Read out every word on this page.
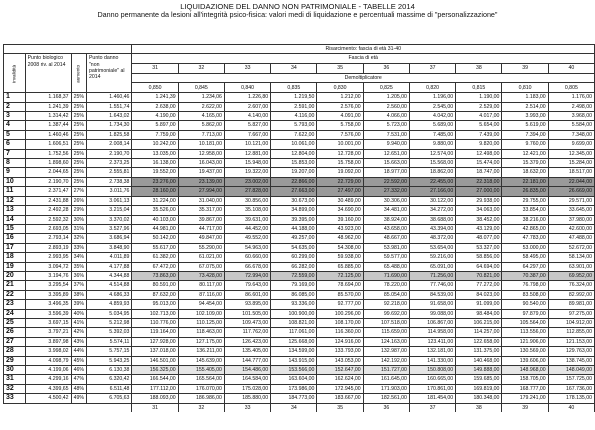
LIQUIDAZIONE DEL DANNO NON PATRIMONIALE - TABELLE 2014
Danno permanente da lesioni all'integrità psico-fisica: valori medi di liquidazione e percentuali massime di "personalizzazione"
				Risarcimento: fascia di età 31-40									
invalidità	Punto biologico 2008 riv. al 2014	aumento	Punto danno "non patrimoniale" al 2014	Fascia di età									
				31	32	33	34	35	36	37	38	39	40
				Demoltiplicatore									
				0,850	0,845	0,840	0,835	0,830	0,825	0,820	0,815	0,810	0,805
1	1.168,37	25%	1.460,46	1.241,39	1.234,06	1.226,80	1.219,50	1.212,00	1.205,00	1.196,00	1.190,00	1.183,00	1.176,00
2	1.241,39	25%	1.551,74	2.638,00	2.622,00	2.607,00	2.591,00	2.576,00	2.560,00	2.545,00	2.529,00	2.514,00	2.498,00
3	1.314,42	25%	1.643,02	4.190,00	4.165,00	4.140,00	4.116,00	4.091,00	4.066,00	4.042,00	4.017,00	3.993,00	3.968,00
4	1.387,44	25%	1.734,30	5.897,00	5.862,00	5.827,00	5.793,00	5.758,00	5.723,00	5.689,00	5.654,00	5.619,00	5.584,00
5	1.460,46	25%	1.825,58	7.759,00	7.713,00	7.667,00	7.622,00	7.576,00	7.531,00	7.485,00	7.439,00	7.394,00	7.348,00
6	1.606,51	25%	2.008,14	10.242,00	10.181,00	10.121,00	10.061,00	10.001,00	9.940,00	9.880,00	9.820,00	9.760,00	9.699,00
7	1.752,56	25%	2.190,70	13.035,00	12.958,00	12.881,00	12.804,00	12.728,00	12.651,00	12.574,00	12.498,00	12.421,00	12.345,00
8	1.898,60	25%	2.373,25	16.138,00	16.043,00	15.948,00	15.853,00	15.758,00	15.663,00	15.568,00	15.474,00	15.379,00	15.284,00
9	2.044,65	25%	2.555,81	19.552,00	19.437,00	19.322,00	19.207,00	19.092,00	18.977,00	18.862,00	18.747,00	18.632,00	18.517,00
10	2.190,70	25%	2.738,38	23.276,00	23.139,00	23.002,00	22.866,00	22.729,00	22.592,00	22.455,00	22.318,00	22.181,00	22.044,00
11	2.371,47	27%	3.011,76	28.160,00	27.994,00	27.828,00	27.663,00	27.497,00	27.332,00	27.166,00	27.000,00	26.835,00	26.669,00
12	2.431,88	26%	3.061,13	31.224,00	31.040,00	30.856,00	30.673,00	30.489,00	30.306,00	30.122,00	29.938,00	29.755,00	29.571,00
13	2.492,28	29%	3.215,04	35.526,00	35.317,00	35.108,00	34.899,00	34.690,00	34.481,00	34.272,00	34.063,00	33.854,00	33.645,00
14	2.592,32	30%	3.370,02	40.103,00	39.867,00	39.631,00	39.395,00	39.160,00	38.924,00	38.688,00	38.452,00	38.216,00	37.980,00
15	2.693,05	31%	3.527,96	44.981,00	44.717,00	44.452,00	44.188,00	43.923,00	43.658,00	43.394,00	43.129,00	42.865,00	42.600,00
16	2.793,14	32%	3.686,94	50.142,00	49.847,00	49.552,00	49.257,00	48.962,00	48.667,00	48.372,00	48.077,00	47.783,00	47.488,00
17	2.893,19	33%	3.848,90	55.617,00	55.290,00	54.963,00	54.635,00	54.308,00	53.981,00	53.654,00	53.327,00	53.000,00	52.672,00
18	2.993,95	34%	4.011,89	61.382,00	61.021,00	60.660,00	60.299,00	59.938,00	59.577,00	59.216,00	58.856,00	58.495,00	58.134,00
19	3.094,72	35%	4.177,88	67.472,00	67.075,00	66.678,00	66.282,00	65.885,00	65.488,00	65.091,00	64.694,00	64.297,00	63.901,00
20	3.194,76	36%	4.344,88	73.863,00	73.428,00	72.994,00	72.559,00	72.125,00	71.690,00	71.256,00	70.821,00	70.387,00	69.952,00
21	3.295,54	37%	4.514,88	80.591,00	80.117,00	79.643,00	79.169,00	78.694,00	78.220,00	77.746,00	77.272,00	76.798,00	76.324,00
22	3.395,89	38%	4.686,33	87.632,00	87.116,00	86.601,00	86.085,00	85.570,00	85.054,00	84.539,00	84.023,00	83.508,00	82.992,00
23	3.496,35	39%	4.859,93	95.013,00	94.454,00	93.895,00	93.336,00	92.777,00	92.218,00	91.658,00	91.099,00	90.540,00	89.981,00
24	3.596,39	40%	5.034,95	102.713,00	102.109,00	101.505,00	100.900,00	100.296,00	99.692,00	99.088,00	98.484,00	97.879,00	97.275,00
25	3.697,15	41%	5.212,98	110.776,00	110.125,00	109.473,00	108.821,00	108.170,00	107.518,00	106.867,00	106.215,00	105.564,00	104.912,00
26	3.797,21	42%	5.392,03	119.164,00	118.463,00	117.762,00	117.061,00	116.360,00	115.659,00	114.958,00	114.257,00	113.556,00	112.855,00
27	3.897,98	43%	5.574,11	127.928,00	127.175,00	126.423,00	125.668,00	124.916,00	124.163,00	123.411,00	122.658,00	121.906,00	121.153,00
28	3.998,02	44%	5.757,15	137.018,00	136.211,00	135.405,00	134.599,00	133.793,00	132.987,00	132.181,00	131.375,00	130.569,00	129.763,00
29	4.098,79	45%	5.943,25	146.501,00	145.639,00	144.777,00	143.915,00	143.053,00	142.192,00	141.330,00	140.468,00	139.606,00	138.745,00
30	4.199,06	46%	6.130,38	156.325,00	155.405,00	154.486,00	153.566,00	152.647,00	151.727,00	150.808,00	149.888,00	148.968,00	148.049,00
31	4.299,16	47%	6.320,42	166.544,00	165.564,00	164.584,00	163.604,00	162.624,00	161.645,00	160.665,00	159.685,00	158.705,00	157.725,00
32	4.399,65	48%	6.511,48	177.112,00	176.070,00	175.028,00	173.986,00	172.945,00	171.903,00	170.861,00	169.819,00	168.777,00	167.736,00
33	4.500,42	49%	6.705,63	188.093,00	186.986,00	185.880,00	184.773,00	183.667,00	182.561,00	181.454,00	180.348,00	179.241,00	178.135,00
				31	32	33	34	35	36	37	38	39	40
